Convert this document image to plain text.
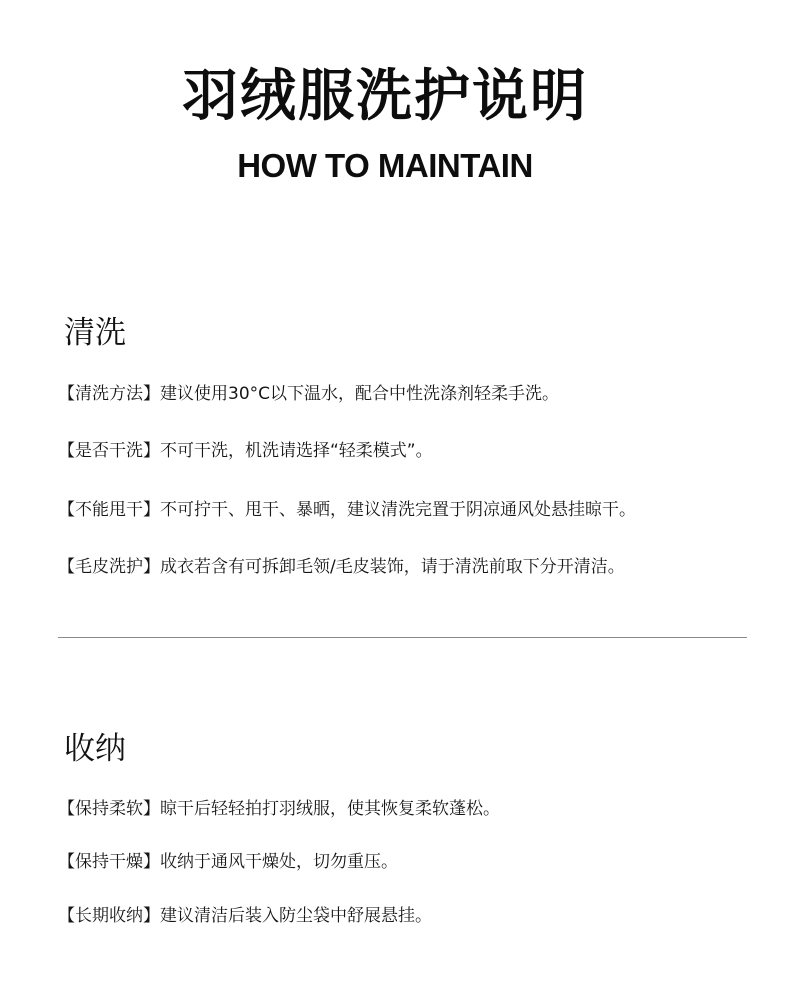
羽绒服洗护说明
HOW TO MAINTAIN
清洗
【清洗方法】建议使用30°C以下温水，配合中性洗涤剂轻柔手洗。
【是否干洗】不可干洗，机洗请选择“轻柔模式”。
【不能甩干】不可拧干、甩干、暴晒，建议清洗完置于阴凉通风处悬挂晾干。
【毛皮洗护】成衣若含有可拆卸毛领/毛皮装饰，请于清洗前取下分开清洁。
收纳
【保持柔软】晾干后轻轻拍打羽绒服，使其恢复柔软蓬松。
【保持干燥】收纳于通风干燥处，切勿重压。
【长期收纳】建议清洁后装入防尘袋中舒展悬挂。
